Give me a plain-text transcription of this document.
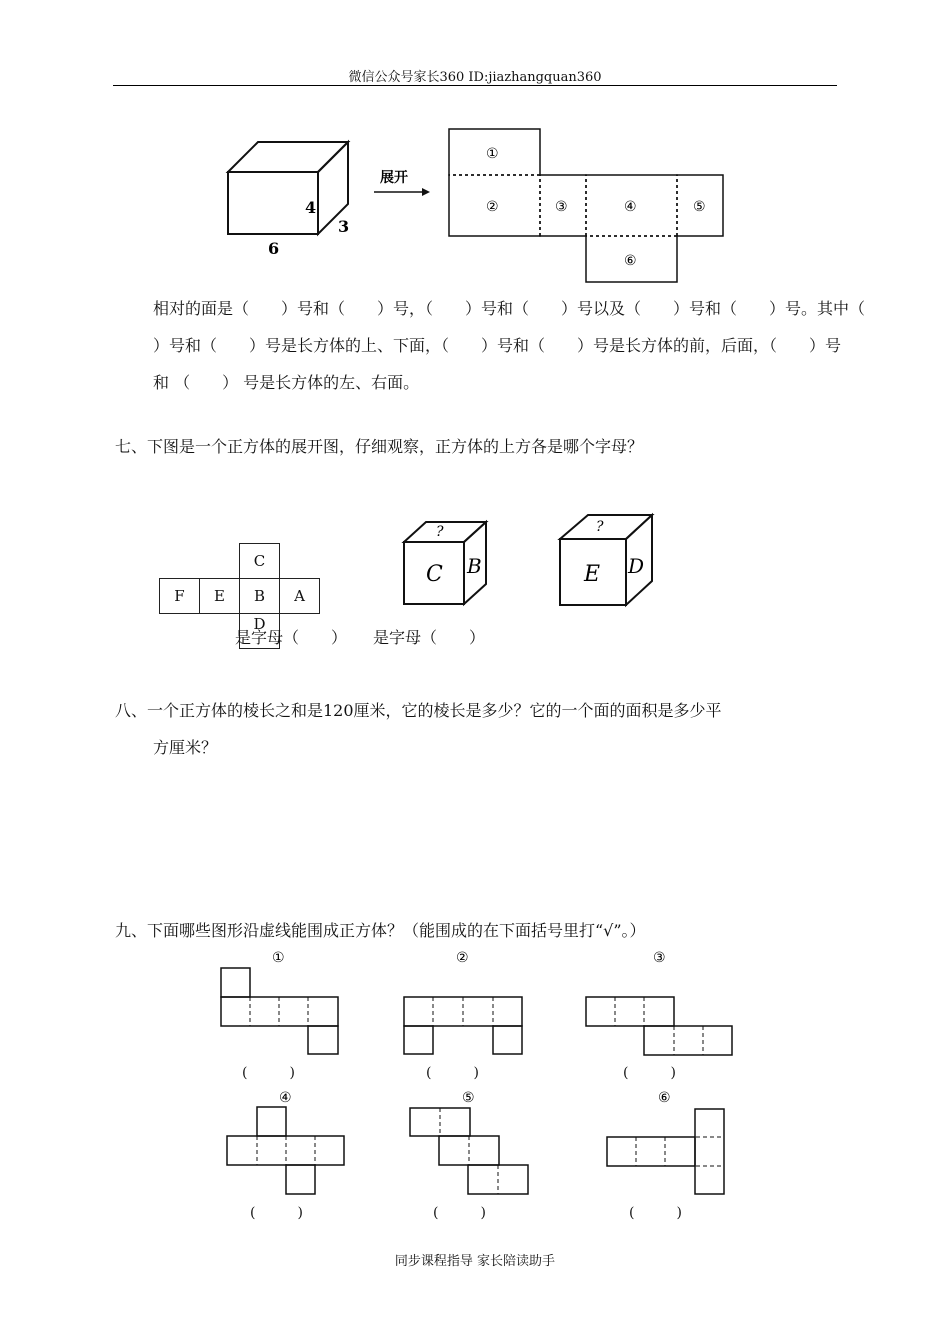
微信公众号家长360 ID:jiazhangquan360
4
3
6
展开
①
②	③	④	⑤
⑥
相对的面是（　　）号和（　　）号，（　　）号和（　　）号以及（　　）号和（　　）号。其中（
）号和（　　）号是长方体的上、下面，（　　）号和（　　）号是长方体的前，后面，（　　）号
和 （　　） 号是长方体的左、右面。
七、下图是一个正方体的展开图，仔细观察，正方体的上方各是哪个字母？
		C	
F	E	B	A
		D	
是字母（　　） 是字母（　　）
?
C B
?
E D
八、一个正方体的棱长之和是120厘米，它的棱长是多少？它的一个面的面积是多少平
方厘米？
九、下面哪些图形沿虚线能围成正方体？（能围成的在下面括号里打“√”。）
①
(　　　)
②
(　　　)
③
(　　　)
④
(　　　)
⑤
(　　　)
⑥
(　　　)
同步课程指导 家长陪读助手
